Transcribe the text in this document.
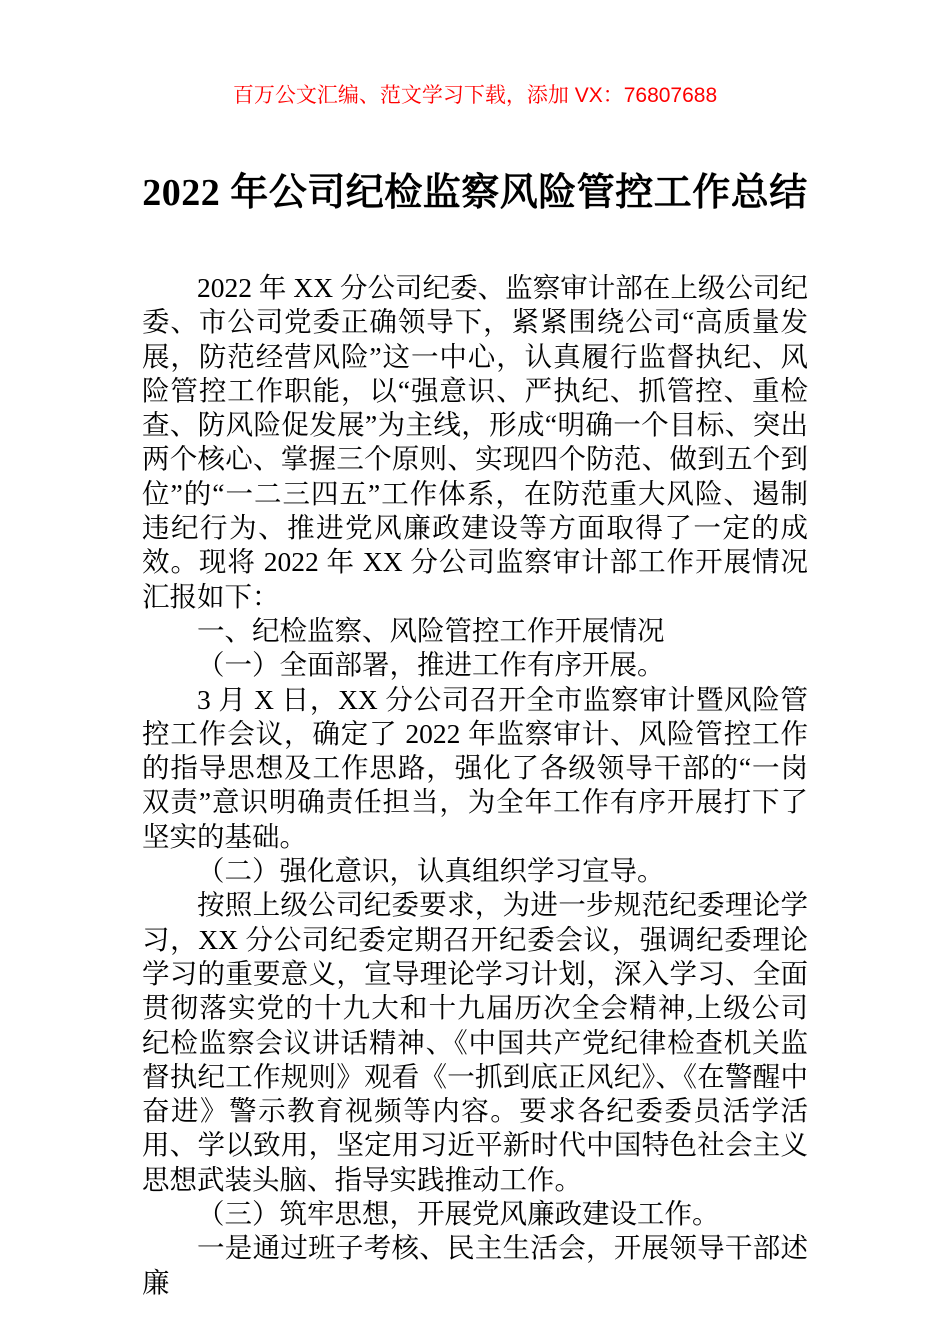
百万公文汇编、范文学习下载，添加 VX：76807688
2022 年公司纪检监察风险管控工作总结

2022 年 XX 分公司纪委、监察审计部在上级公司纪委、市公司党委正确领导下，紧紧围绕公司“高质量发展，防范经营风险”这一中心，认真履行监督执纪、风险管控工作职能，以“强意识、严执纪、抓管控、重检查、防风险促发展”为主线，形成“明确一个目标、突出两个核心、掌握三个原则、实现四个防范、做到五个到位”的“一二三四五”工作体系，在防范重大风险、遏制违纪行为、推进党风廉政建设等方面取得了一定的成效。现将 2022 年 XX 分公司监察审计部工作开展情况汇报如下：

一、纪检监察、风险管控工作开展情况

（一）全面部署，推进工作有序开展。

3 月 X 日，XX 分公司召开全市监察审计暨风险管控工作会议，确定了 2022 年监察审计、风险管控工作的指导思想及工作思路，强化了各级领导干部的“一岗双责”意识明确责任担当，为全年工作有序开展打下了坚实的基础。

（二）强化意识，认真组织学习宣导。

按照上级公司纪委要求，为进一步规范纪委理论学习，XX 分公司纪委定期召开纪委会议，强调纪委理论学习的重要意义，宣导理论学习计划，深入学习、全面贯彻落实党的十九大和十九届历次全会精神,上级公司纪检监察会议讲话精神、《中国共产党纪律检查机关监督执纪工作规则》观看《一抓到底正风纪》、《在警醒中奋进》警示教育视频等内容。要求各纪委委员活学活用、学以致用，坚定用习近平新时代中国特色社会主义思想武装头脑、指导实践推动工作。

（三）筑牢思想，开展党风廉政建设工作。

一是通过班子考核、民主生活会，开展领导干部述廉
